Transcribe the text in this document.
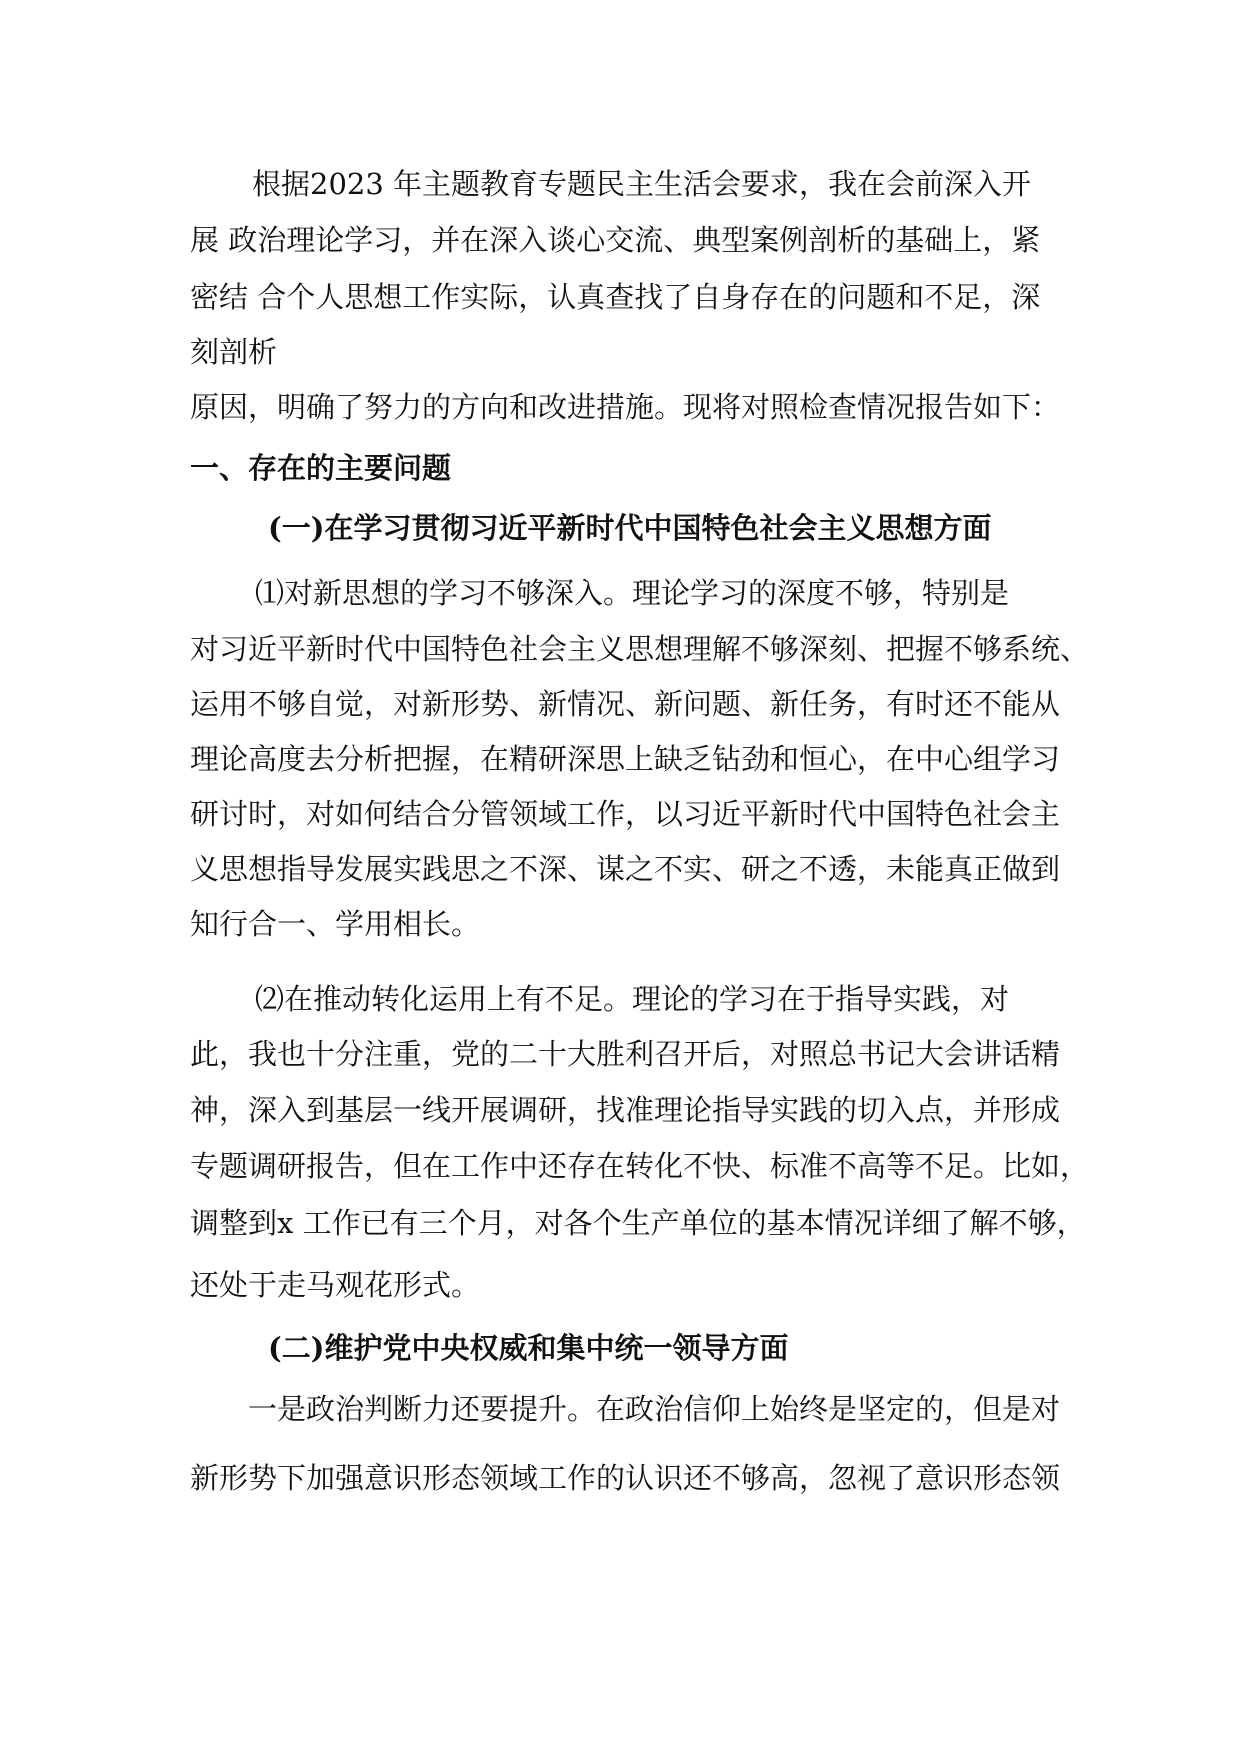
根据2023 年主题教育专题民主生活会要求，我在会前深入开
展 政治理论学习，并在深入谈心交流、典型案例剖析的基础上，紧
密结 合个人思想工作实际，认真查找了自身存在的问题和不足，深
刻剖析
原因，明确了努力的方向和改进措施。现将对照检查情况报告如下：
一、存在的主要问题
(一)在学习贯彻习近平新时代中国特色社会主义思想方面
⑴对新思想的学习不够深入。理论学习的深度不够，特别是
对习近平新时代中国特色社会主义思想理解不够深刻、把握不够系统、
运用不够自觉，对新形势、新情况、新问题、新任务，有时还不能从
理论高度去分析把握，在精研深思上缺乏钻劲和恒心，在中心组学习
研讨时，对如何结合分管领域工作，以习近平新时代中国特色社会主
义思想指导发展实践思之不深、谋之不实、研之不透，未能真正做到
知行合一、学用相长。
⑵在推动转化运用上有不足。理论的学习在于指导实践，对
此，我也十分注重，党的二十大胜利召开后，对照总书记大会讲话精
神，深入到基层一线开展调研，找准理论指导实践的切入点，并形成
专题调研报告，但在工作中还存在转化不快、标准不高等不足。比如，
调整到x 工作已有三个月，对各个生产单位的基本情况详细了解不够，
还处于走马观花形式。
(二)维护党中央权威和集中统一领导方面
一是政治判断力还要提升。在政治信仰上始终是坚定的，但是对
新形势下加强意识形态领域工作的认识还不够高，忽视了意识形态领
